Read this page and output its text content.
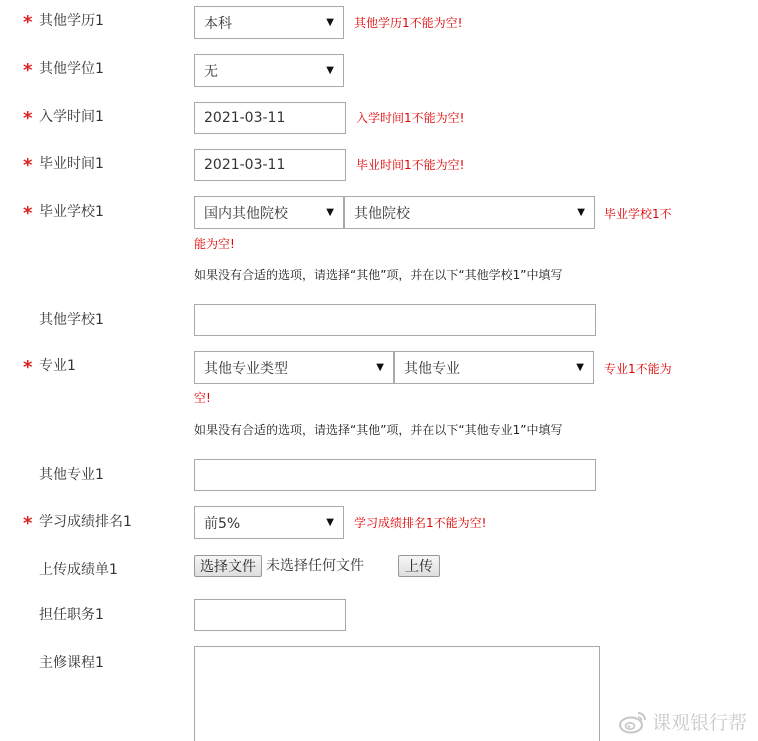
* 其他学历1	本科	▼ 其他学历1不能为空!
* 其他学位1	无	▼
* 入学时间1	2021-03-11	入学时间1不能为空!
* 毕业时间1	2021-03-11	毕业时间1不能为空!
* 毕业学校1	国内其他院校	▼ 其他院校	▼ 毕业学校1不
能为空!
如果没有合适的选项，请选择“其他”项，并在以下“其他学校1”中填写
其他学校1
* 专业1	其他专业类型	▼ 其他专业	▼ 专业1不能为
空!
如果没有合适的选项，请选择“其他”项，并在以下“其他专业1”中填写
其他专业1
* 学习成绩排名1	前5%	▼ 学习成绩排名1不能为空!
上传成绩单1	选择文件 未选择任何文件	上传
担任职务1
主修课程1
课观银行帮
